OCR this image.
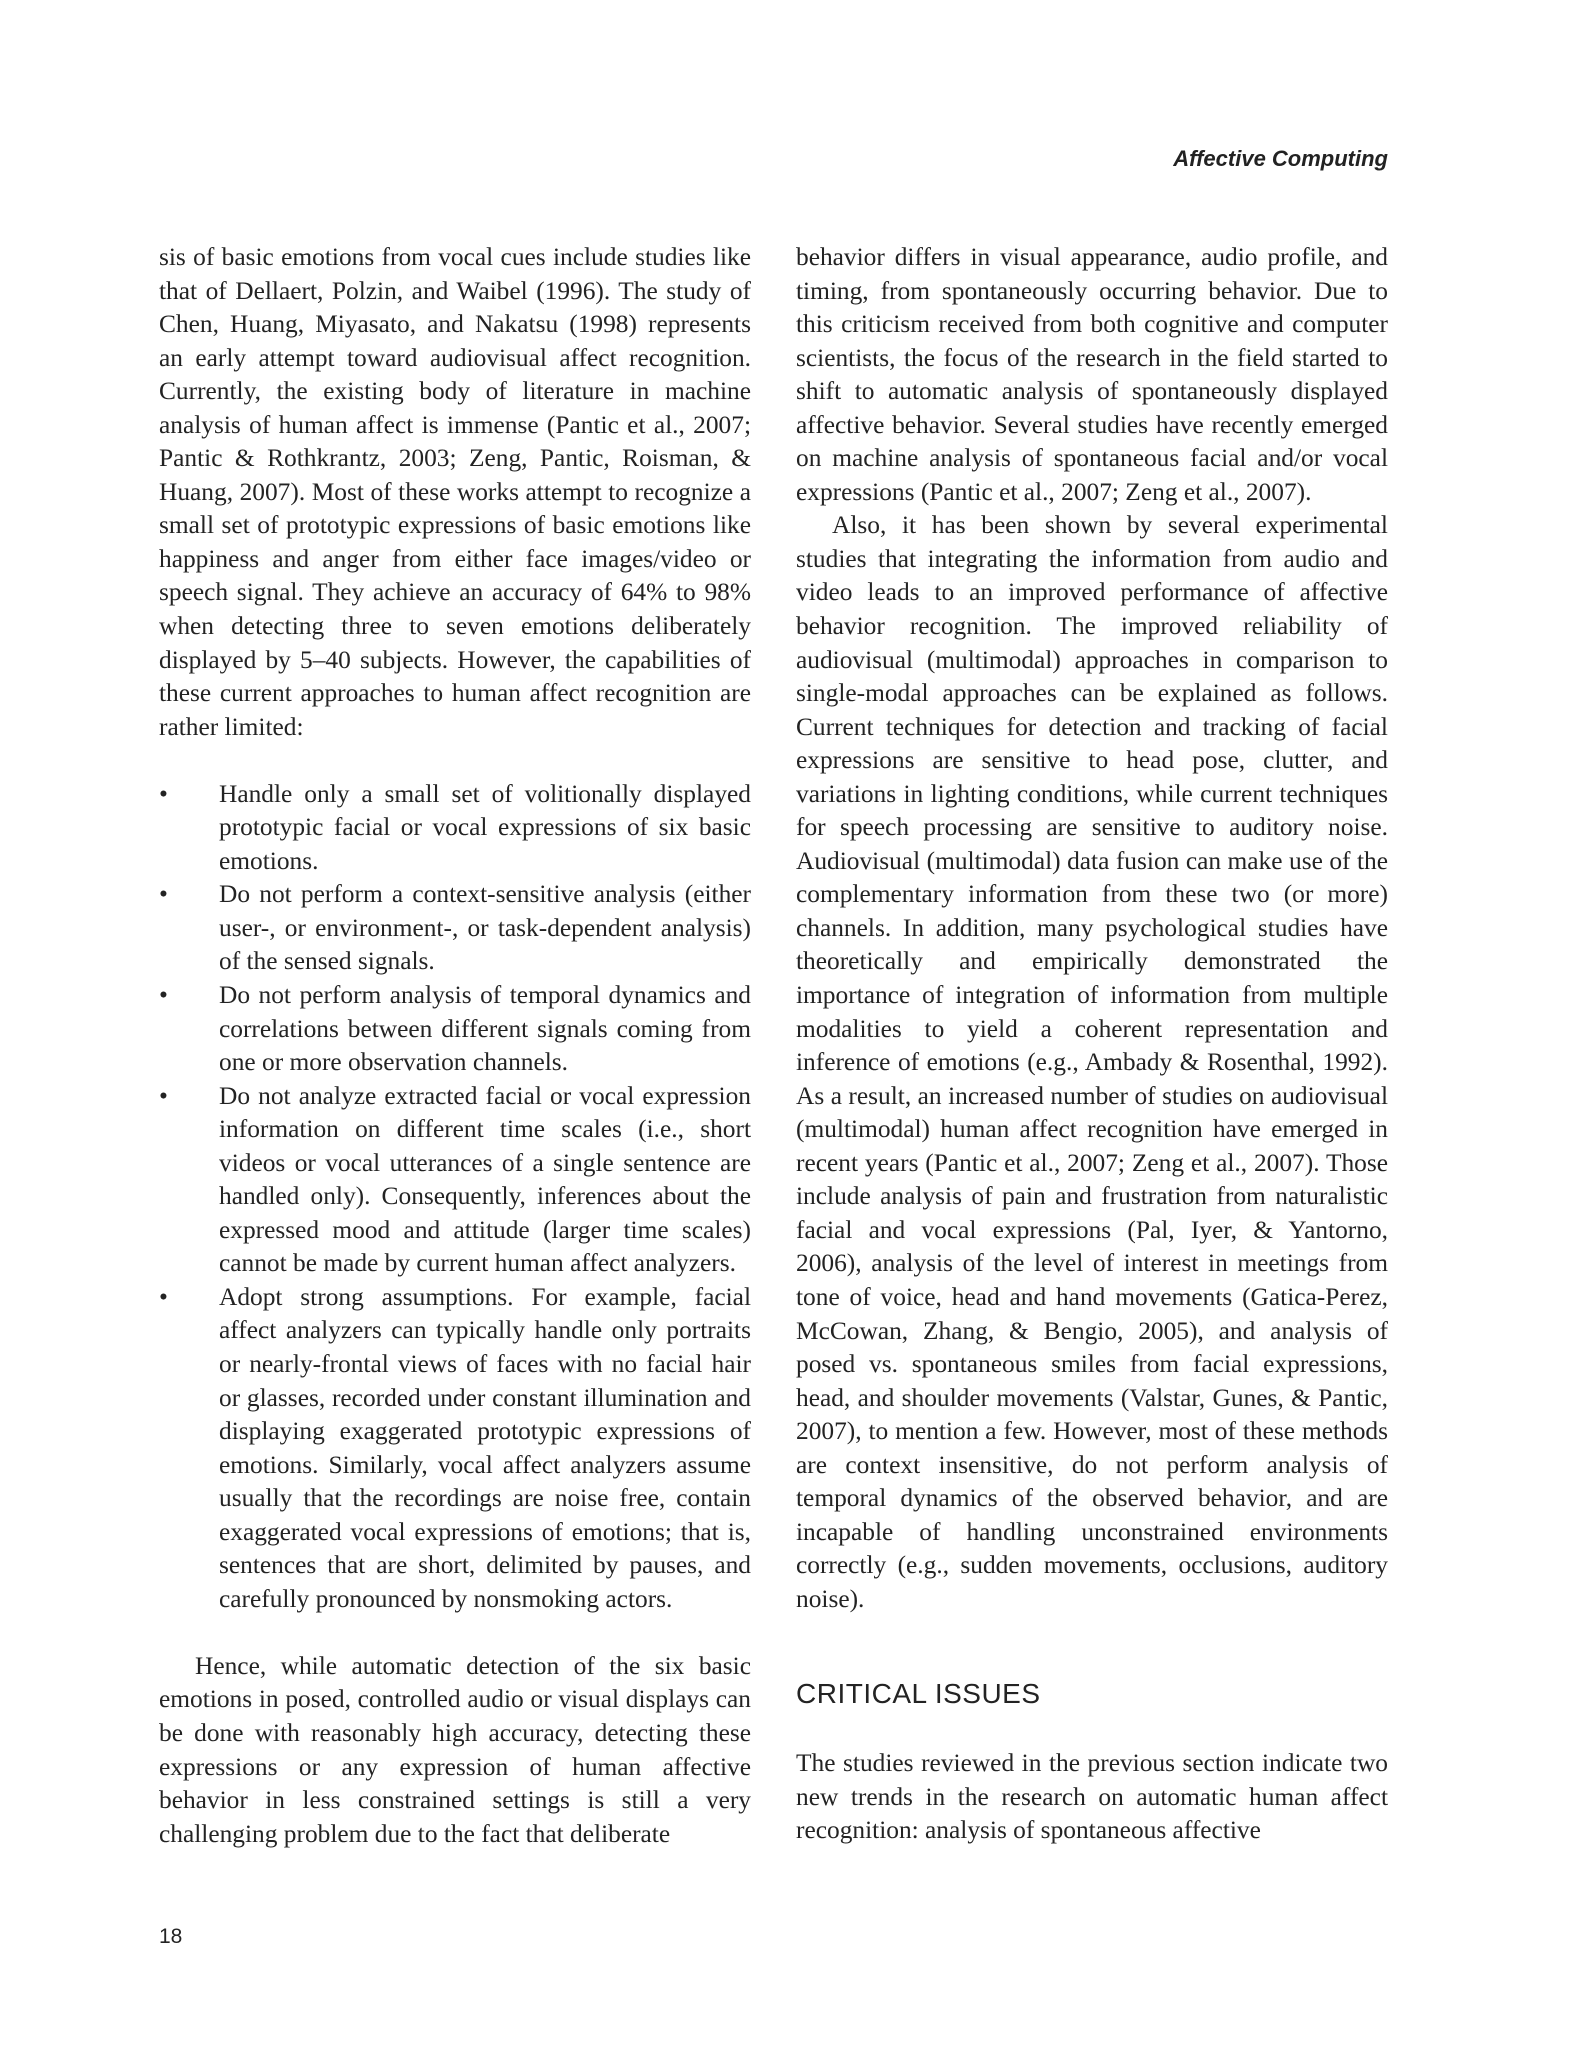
Affective Computing

sis of basic emotions from vocal cues include studies like that of Dellaert, Polzin, and Waibel (1996). The study of Chen, Huang, Miyasato, and Nakatsu (1998) represents an early attempt toward audiovisual affect recognition. Currently, the existing body of literature in machine analysis of human affect is immense (Pantic et al., 2007; Pantic & Rothkrantz, 2003; Zeng, Pantic, Roisman, & Huang, 2007). Most of these works attempt to recognize a small set of prototypic expressions of basic emotions like happiness and anger from either face images/video or speech signal. They achieve an accuracy of 64% to 98% when detecting three to seven emotions deliberately displayed by 5–40 subjects. However, the capabilities of these current approaches to human affect recognition are rather limited:

• Handle only a small set of volitionally displayed prototypic facial or vocal expressions of six basic emotions.
• Do not perform a context-sensitive analysis (either user-, or environment-, or task-dependent analysis) of the sensed signals.
• Do not perform analysis of temporal dynamics and correlations between different signals coming from one or more observation channels.
• Do not analyze extracted facial or vocal expression information on different time scales (i.e., short videos or vocal utterances of a single sentence are handled only). Consequently, inferences about the expressed mood and attitude (larger time scales) cannot be made by current human affect analyzers.
• Adopt strong assumptions. For example, facial affect analyzers can typically handle only portraits or nearly-frontal views of faces with no facial hair or glasses, recorded under constant illumination and displaying exaggerated prototypic expressions of emotions. Similarly, vocal affect analyzers assume usually that the recordings are noise free, contain exaggerated vocal expressions of emotions; that is, sentences that are short, delimited by pauses, and carefully pronounced by nonsmoking actors.

Hence, while automatic detection of the six basic emotions in posed, controlled audio or visual displays can be done with reasonably high accuracy, detecting these expressions or any expression of human affective behavior in less constrained settings is still a very challenging problem due to the fact that deliberate

behavior differs in visual appearance, audio profile, and timing, from spontaneously occurring behavior. Due to this criticism received from both cognitive and computer scientists, the focus of the research in the field started to shift to automatic analysis of spontaneously displayed affective behavior. Several studies have recently emerged on machine analysis of spontaneous facial and/or vocal expressions (Pantic et al., 2007; Zeng et al., 2007).

Also, it has been shown by several experimental studies that integrating the information from audio and video leads to an improved performance of affective behavior recognition. The improved reliability of audiovisual (multimodal) approaches in comparison to single-modal approaches can be explained as follows. Current techniques for detection and tracking of facial expressions are sensitive to head pose, clutter, and variations in lighting conditions, while current techniques for speech processing are sensitive to auditory noise. Audiovisual (multimodal) data fusion can make use of the complementary information from these two (or more) channels. In addition, many psychological studies have theoretically and empirically demonstrated the importance of integration of information from multiple modalities to yield a coherent representation and inference of emotions (e.g., Ambady & Rosenthal, 1992). As a result, an increased number of studies on audiovisual (multimodal) human affect recognition have emerged in recent years (Pantic et al., 2007; Zeng et al., 2007). Those include analysis of pain and frustration from naturalistic facial and vocal expressions (Pal, Iyer, & Yantorno, 2006), analysis of the level of interest in meetings from tone of voice, head and hand movements (Gatica-Perez, McCowan, Zhang, & Bengio, 2005), and analysis of posed vs. spontaneous smiles from facial expressions, head, and shoulder movements (Valstar, Gunes, & Pantic, 2007), to mention a few. However, most of these methods are context insensitive, do not perform analysis of temporal dynamics of the observed behavior, and are incapable of handling unconstrained environments correctly (e.g., sudden movements, occlusions, auditory noise).

CRITICAL ISSUES

The studies reviewed in the previous section indicate two new trends in the research on automatic human affect recognition: analysis of spontaneous affective

18
